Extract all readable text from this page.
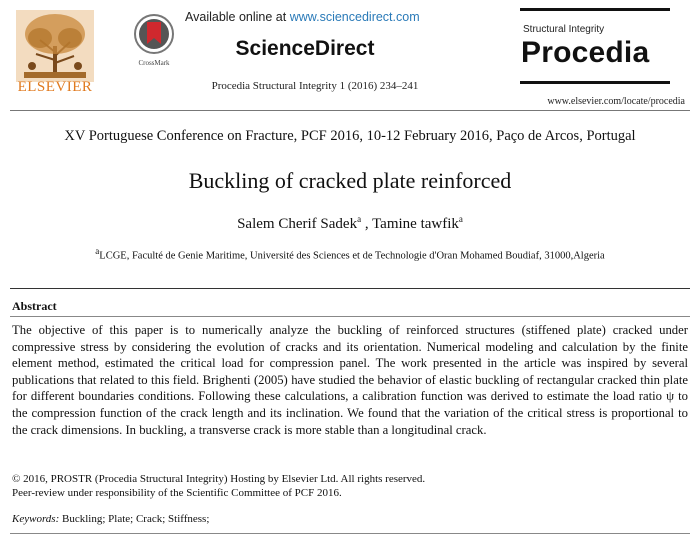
ELSEVIER
CrossMark
Available online at www.sciencedirect.com
ScienceDirect
Procedia Structural Integrity 1 (2016) 234–241
Structural Integrity
Procedia
www.elsevier.com/locate/procedia
XV Portuguese Conference on Fracture, PCF 2016, 10-12 February 2016, Paço de Arcos, Portugal
Buckling of cracked plate reinforced
Salem Cherif Sadek$^a$ , Tamine tawfik$^a$
$^a$LCGE, Faculté de Genie Maritime, Université des Sciences et de Technologie d'Oran Mohamed Boudiaf, 31000,Algeria
Abstract
The objective of this paper is to numerically analyze the buckling of reinforced structures (stiffened plate) cracked under compressive stress by considering the evolution of cracks and its orientation. Numerical modeling and calculation by the finite element method, estimated the critical load for compression panel. The work presented in the article was inspired by several publications that related to this field. Brighenti (2005) have studied the behavior of elastic buckling of rectangular cracked thin plate for different boundaries conditions. Following these calculations, a calibration function was derived to estimate the load ratio ψ to the compression function of the crack length and its inclination. We found that the variation of the critical stress is proportional to the crack dimensions. In buckling, a transverse crack is more stable than a longitudinal crack.
© 2016, PROSTR (Procedia Structural Integrity) Hosting by Elsevier Ltd. All rights reserved.
Peer-review under responsibility of the Scientific Committee of PCF 2016.
Keywords: Buckling; Plate; Crack; Stiffness;
